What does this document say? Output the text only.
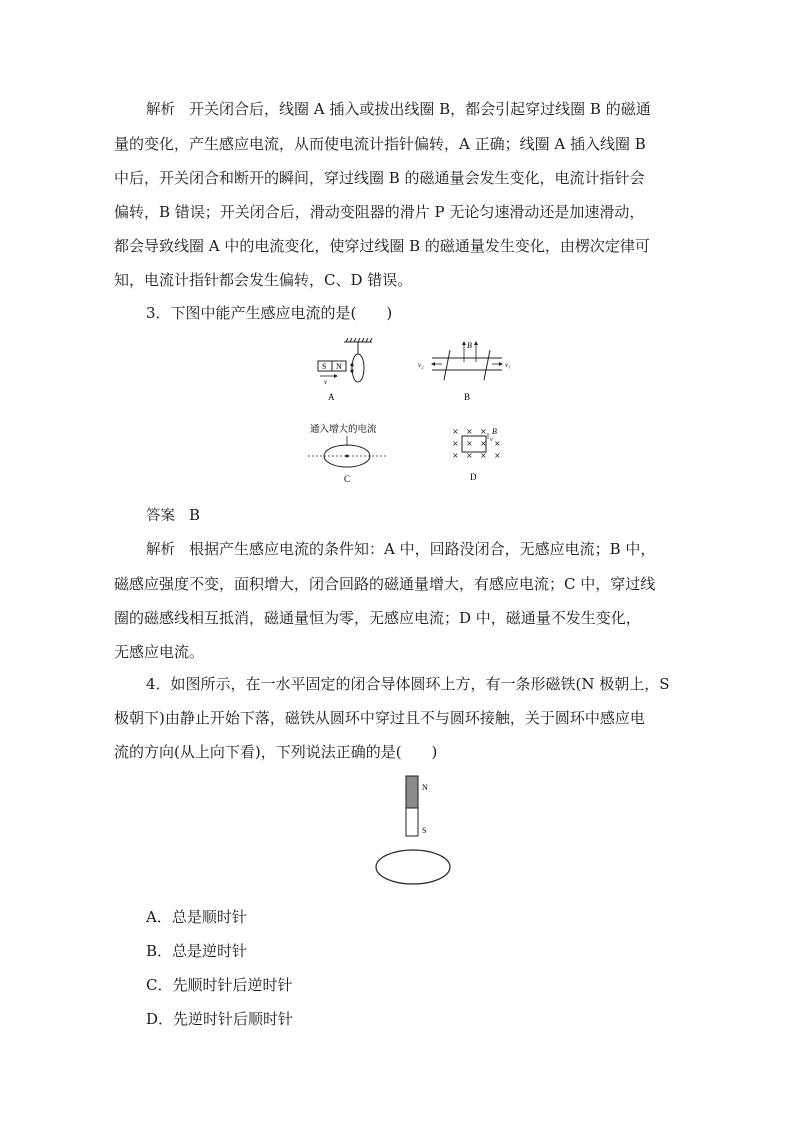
解析 开关闭合后，线圈 A 插入或拔出线圈 B，都会引起穿过线圈 B 的磁通
量的变化，产生感应电流，从而使电流计指针偏转，A 正确；线圈 A 插入线圈 B
中后，开关闭合和断开的瞬间，穿过线圈 B 的磁通量会发生变化，电流计指针会
偏转，B 错误；开关闭合后，滑动变阻器的滑片 P 无论匀速滑动还是加速滑动，
都会导致线圈 A 中的电流变化，使穿过线圈 B 的磁通量发生变化，由楞次定律可
知，电流计指针都会发生偏转，C、D 错误。
3．下图中能产生感应电流的是(　　)
S N
v
A
B
v₂	v₁
B
通入增大的电流
C
× × ×
× × × ×
× × × ×
B
v
D
答案 B
解析 根据产生感应电流的条件知：A 中，回路没闭合，无感应电流；B 中，
磁感应强度不变，面积增大，闭合回路的磁通量增大，有感应电流；C 中，穿过线
圈的磁感线相互抵消，磁通量恒为零，无感应电流；D 中，磁通量不发生变化，
无感应电流。
4．如图所示，在一水平固定的闭合导体圆环上方，有一条形磁铁(N 极朝上，S
极朝下)由静止开始下落，磁铁从圆环中穿过且不与圆环接触，关于圆环中感应电
流的方向(从上向下看)，下列说法正确的是(　　)
N
S
A．总是顺时针
B．总是逆时针
C．先顺时针后逆时针
D．先逆时针后顺时针
